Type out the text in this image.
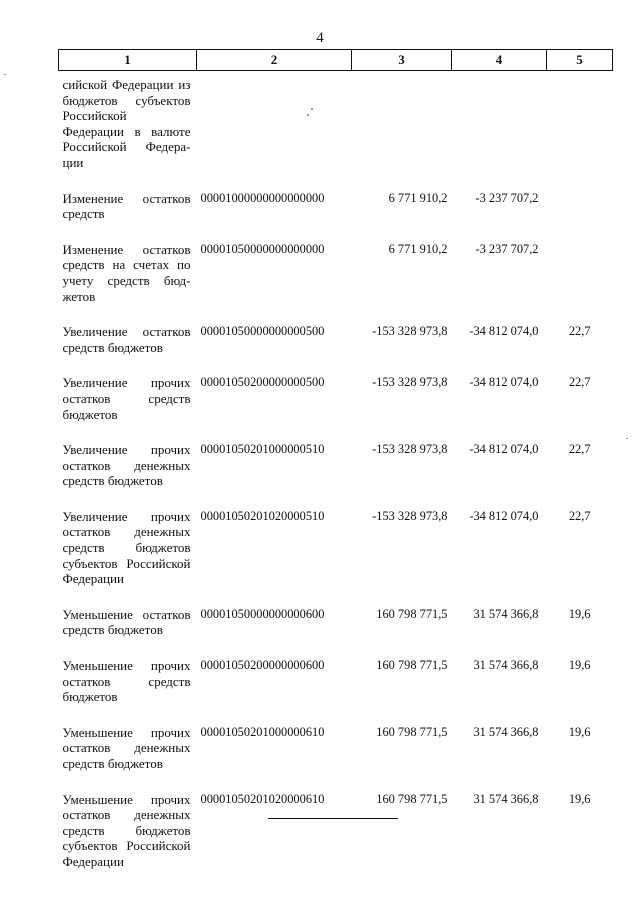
4
1	2	3	4	5
сийской Федерации из бюджетов субъектов Российской Федерации в валюте Российской Федерации				
Изменение остатков средств	00001000000000000000	6 771 910,2	-3 237 707,2	
Изменение остатков средств на счетах по учету средств бюджетов	00001050000000000000	6 771 910,2	-3 237 707,2	
Увеличение остатков средств бюджетов	00001050000000000500	-153 328 973,8	-34 812 074,0	22,7
Увеличение прочих остатков средств бюджетов	00001050200000000500	-153 328 973,8	-34 812 074,0	22,7
Увеличение прочих остатков денежных средств бюджетов	00001050201000000510	-153 328 973,8	-34 812 074,0	22,7
Увеличение прочих остатков денежных средств бюджетов субъектов Российской Федерации	00001050201020000510	-153 328 973,8	-34 812 074,0	22,7
Уменьшение остатков средств бюджетов	00001050000000000600	160 798 771,5	31 574 366,8	19,6
Уменьшение прочих остатков средств бюджетов	00001050200000000600	160 798 771,5	31 574 366,8	19,6
Уменьшение прочих остатков денежных средств бюджетов	00001050201000000610	160 798 771,5	31 574 366,8	19,6
Уменьшение прочих остатков денежных средств бюджетов субъектов Российской Федерации	00001050201020000610	160 798 771,5	31 574 366,8	19,6
